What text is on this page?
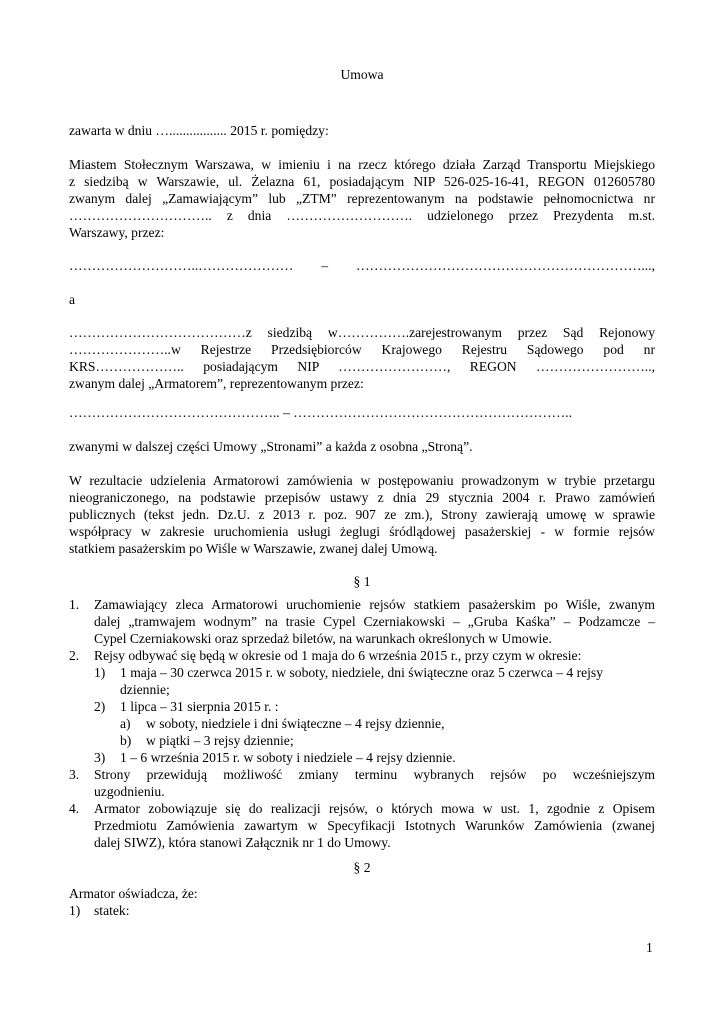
Umowa
zawarta w dniu …................. 2015 r. pomiędzy:
Miastem Stołecznym Warszawa, w imieniu i na rzecz którego działa Zarząd Transportu Miejskiego
z siedzibą w Warszawie, ul. Żelazna 61, posiadającym NIP 526-025-16-41, REGON 012605780
zwanym dalej „Zamawiającym” lub „ZTM” reprezentowanym na podstawie pełnomocnictwa nr
………………………….. z dnia ………………………. udzielonego przez Prezydenta m.st.
Warszawy, przez:
………………………..………………… – ………………………………………………………...,
a
…………………………………z siedzibą w…………….zarejestrowanym przez Sąd Rejonowy
…………………..w Rejestrze Przedsiębiorców Krajowego Rejestru Sądowego pod nr
KRS……………….. posiadającym NIP ……………………, REGON ……………………..,
zwanym dalej „Armatorem”, reprezentowanym przez:
……………………………………….. – ……………………………………………………..
zwanymi w dalszej części Umowy „Stronami” a każda z osobna „Stroną”.
W rezultacie udzielenia Armatorowi zamówienia w postępowaniu prowadzonym w trybie przetargu
nieograniczonego, na podstawie przepisów ustawy z dnia 29 stycznia 2004 r. Prawo zamówień
publicznych (tekst jedn. Dz.U. z 2013 r. poz. 907 ze zm.), Strony zawierają umowę w sprawie
współpracy w zakresie uruchomienia usługi żeglugi śródlądowej pasażerskiej - w formie rejsów
statkiem pasażerskim po Wiśle w Warszawie, zwanej dalej Umową.
§ 1
1. Zamawiający zleca Armatorowi uruchomienie rejsów statkiem pasażerskim po Wiśle, zwanym
dalej „tramwajem wodnym” na trasie Cypel Czerniakowski – „Gruba Kaśka” – Podzamcze –
Cypel Czerniakowski oraz sprzedaż biletów, na warunkach określonych w Umowie.
2. Rejsy odbywać się będą w okresie od 1 maja do 6 września 2015 r., przy czym w okresie:
1) 1 maja – 30 czerwca 2015 r. w soboty, niedziele, dni świąteczne oraz 5 czerwca – 4 rejsy
dziennie;
2) 1 lipca – 31 sierpnia 2015 r. :
a) w soboty, niedziele i dni świąteczne – 4 rejsy dziennie,
b) w piątki – 3 rejsy dziennie;
3) 1 – 6 września 2015 r. w soboty i niedziele – 4 rejsy dziennie.
3. Strony przewidują możliwość zmiany terminu wybranych rejsów po wcześniejszym
uzgodnieniu.
4. Armator zobowiązuje się do realizacji rejsów, o których mowa w ust. 1, zgodnie z Opisem
Przedmiotu Zamówienia zawartym w Specyfikacji Istotnych Warunków Zamówienia (zwanej
dalej SIWZ), która stanowi Załącznik nr 1 do Umowy.
§ 2
Armator oświadcza, że:
1) statek:
1
